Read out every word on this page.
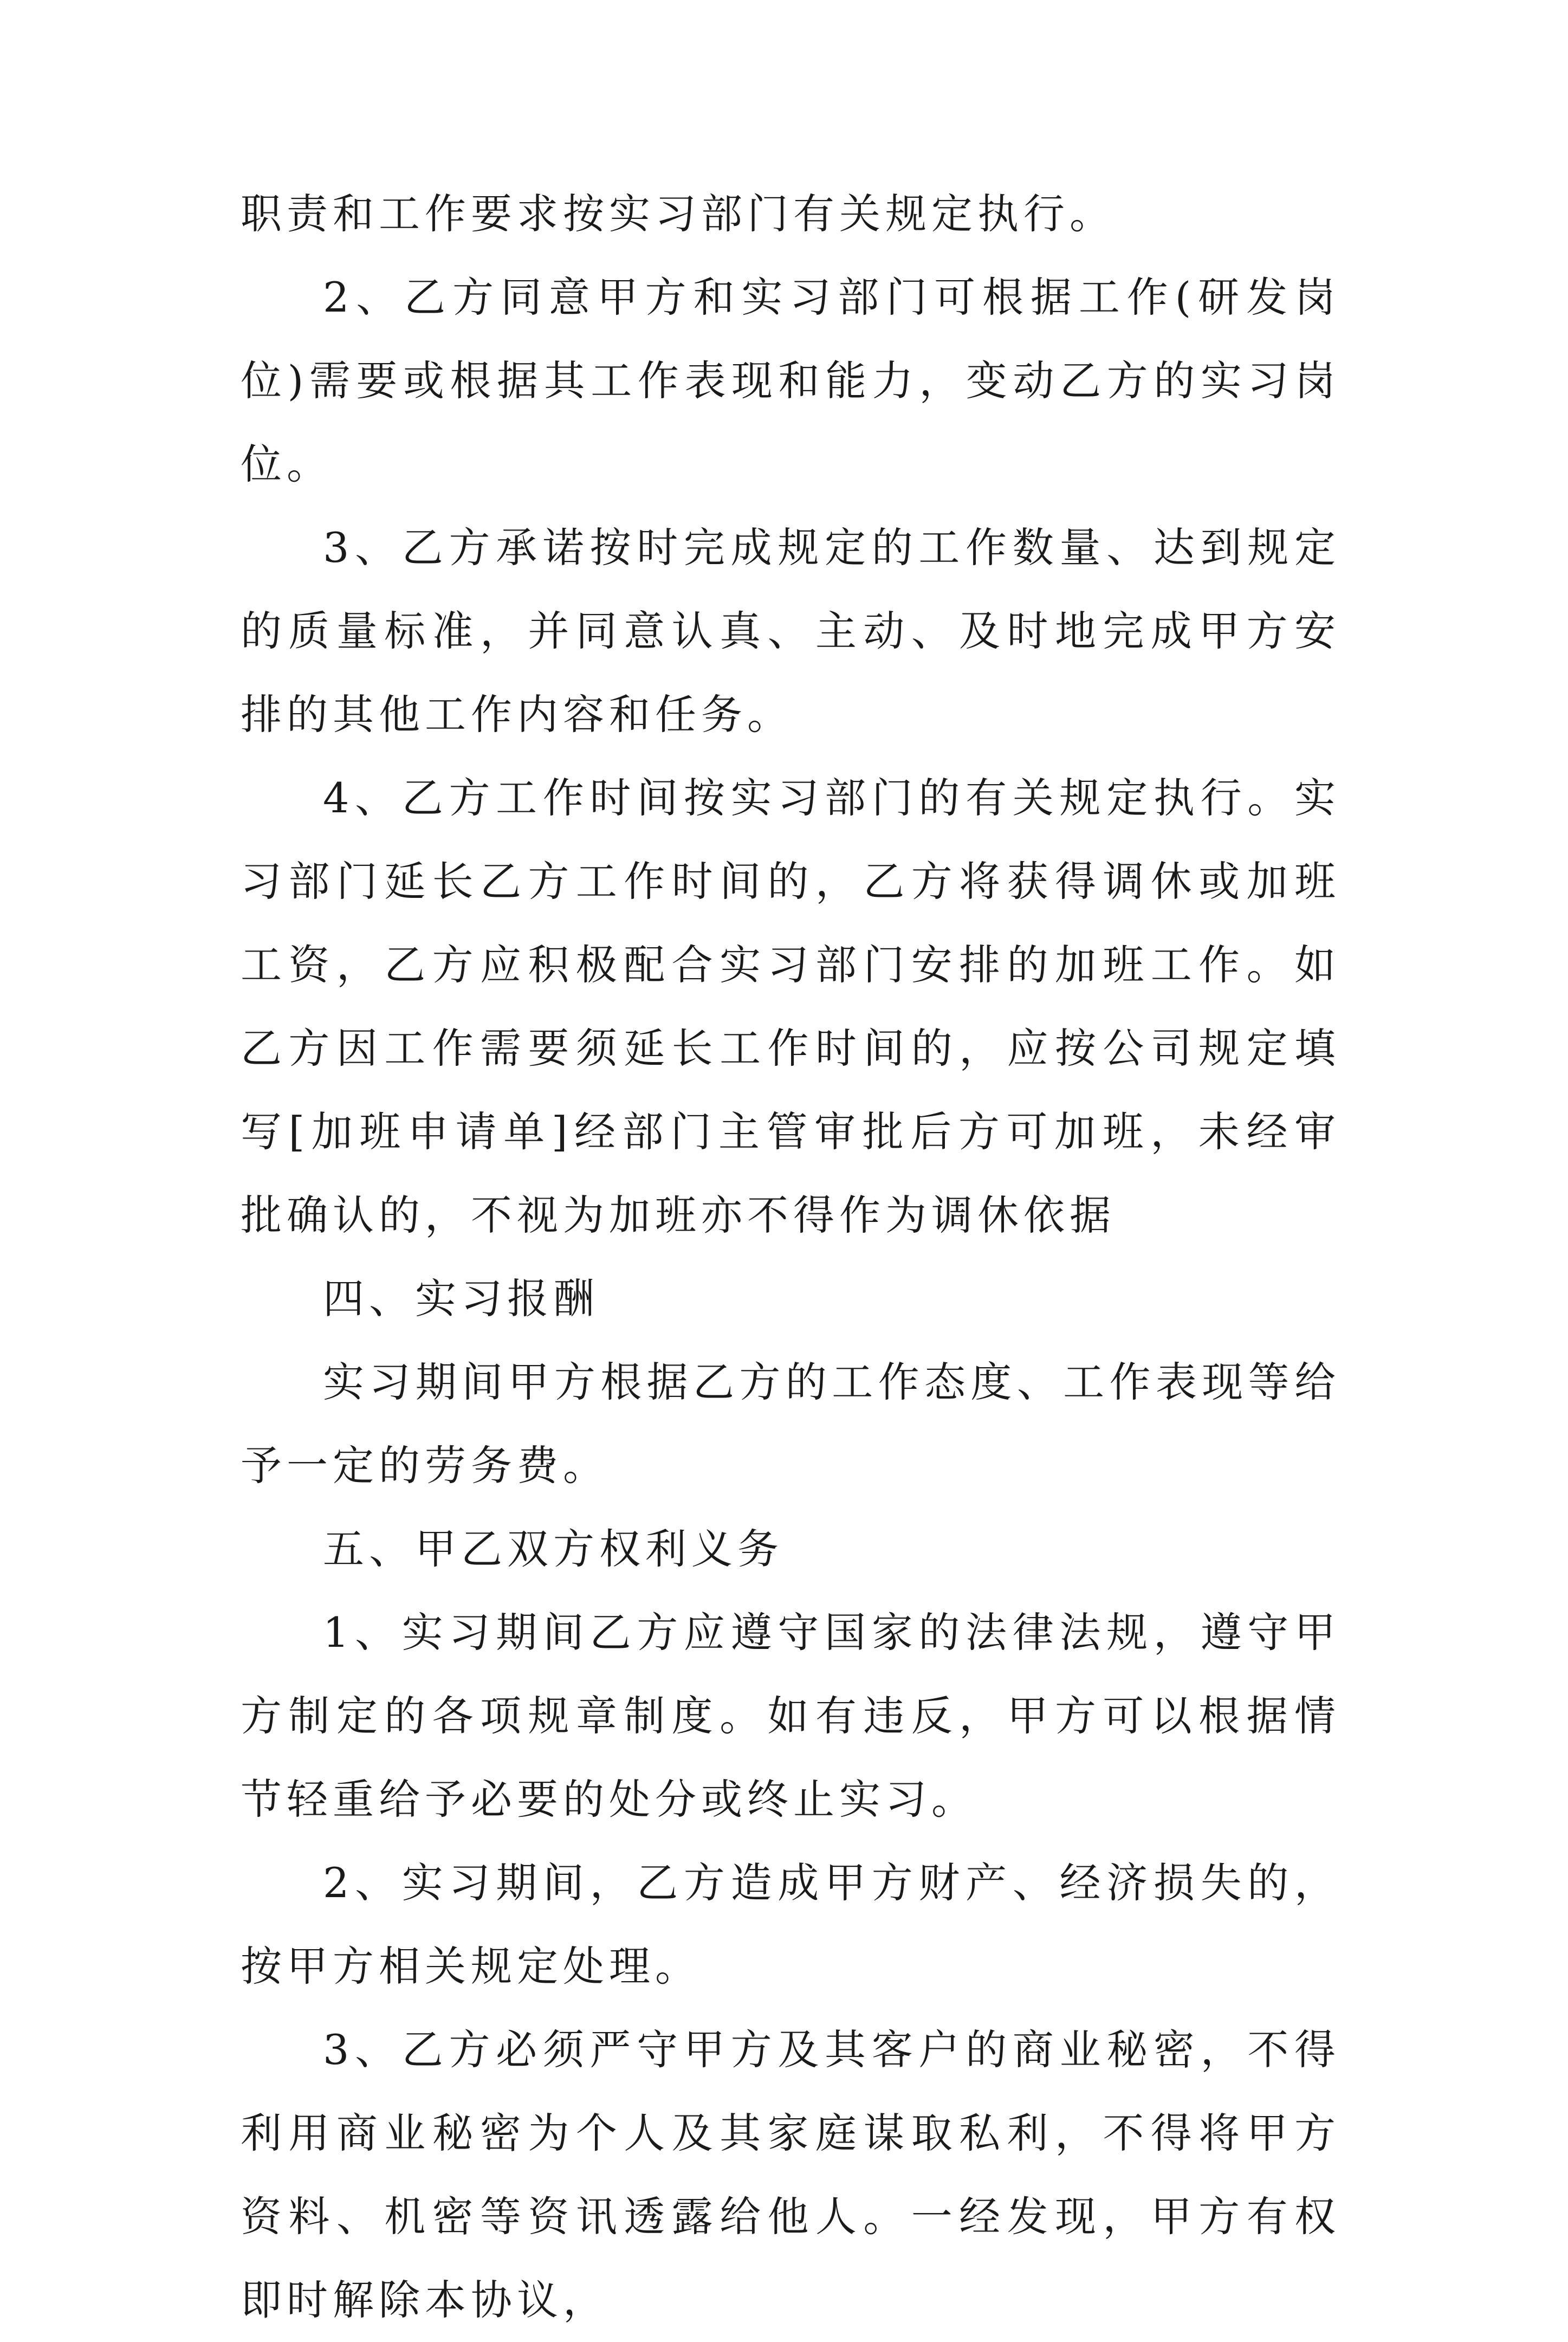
职责和工作要求按实习部门有关规定执行。

2、乙方同意甲方和实习部门可根据工作(研发岗位)需要或根据其工作表现和能力，变动乙方的实习岗位。

3、乙方承诺按时完成规定的工作数量、达到规定的质量标准，并同意认真、主动、及时地完成甲方安排的其他工作内容和任务。

4、乙方工作时间按实习部门的有关规定执行。实习部门延长乙方工作时间的，乙方将获得调休或加班工资，乙方应积极配合实习部门安排的加班工作。如乙方因工作需要须延长工作时间的，应按公司规定填写[加班申请单]经部门主管审批后方可加班，未经审批确认的，不视为加班亦不得作为调休依据

四、实习报酬

实习期间甲方根据乙方的工作态度、工作表现等给予一定的劳务费。

五、甲乙双方权利义务

1、实习期间乙方应遵守国家的法律法规，遵守甲方制定的各项规章制度。如有违反，甲方可以根据情节轻重给予必要的处分或终止实习。

2、实习期间，乙方造成甲方财产、经济损失的，按甲方相关规定处理。

3、乙方必须严守甲方及其客户的商业秘密，不得利用商业秘密为个人及其家庭谋取私利，不得将甲方资料、机密等资讯透露给他人。一经发现，甲方有权即时解除本协议，
